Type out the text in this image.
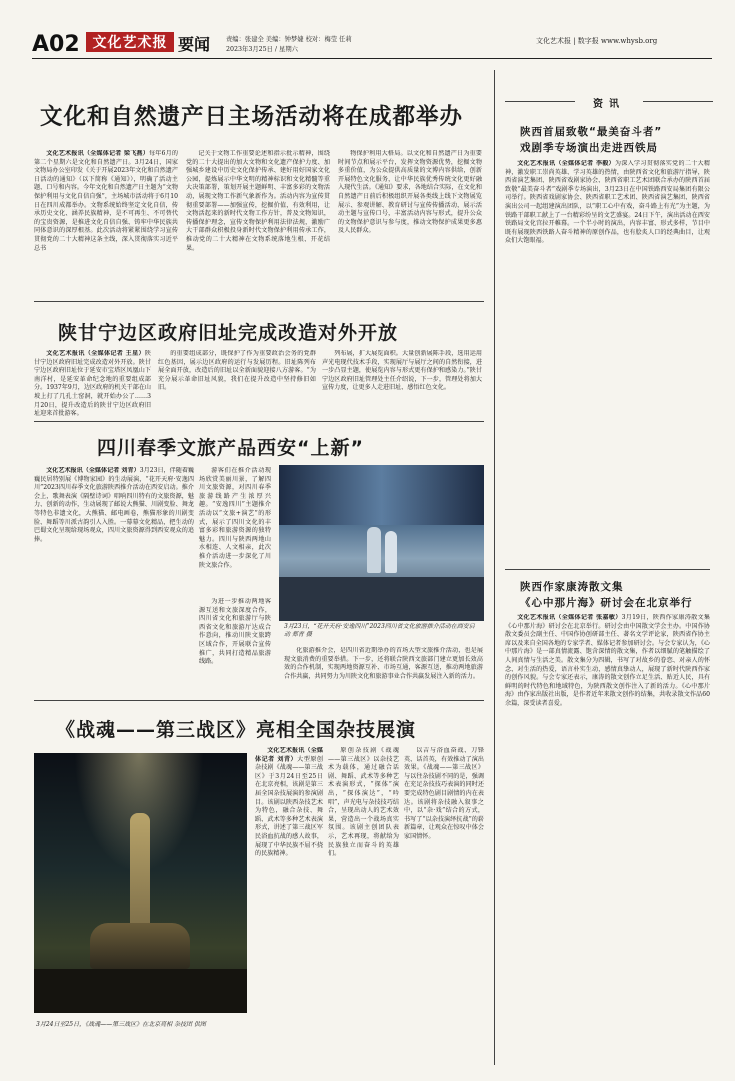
A02 文化艺术报 要闻	责编：张建全 美编：钟梦婕 校对：梅莹 任莉
2023年3月25日 / 星期六
文化艺术报 | 数字报 www.whysb.org
文化和自然遗产日主场活动将在成都举办

文化艺术报讯（全媒体记者 梁飞燕）每年6月的第二个星期六是文化和自然遗产日。3月24日，国家文物局办公室印发《关于开展2023年文化和自然遗产日活动的通知》（以下简称《通知》），明确了活动主题、口号和内容。今年文化和自然遗产日主题为“文物保护利用与文化自信自强”，主场城市活动将于6月10日在四川成都举办。文物系统始终坚定文化自信，传承历史文化、涵养民族精神，是不可再生、不可替代的宝贵资源，是推进文化自信自强、铸牢中华民族共同体意识的深厚根基。此次活动将紧紧围绕学习宣传贯彻党的二十大精神这条主线，深入贯彻落实习近平总书

记关于文物工作重要论述和指示批示精神，围绕党的二十大提出的加大文物和文化遗产保护力度、加强城乡建设中历史文化保护传承、建好用好国家文化公园，提炼展示中华文明的精神标识和文化精髓等重大决策部署，策划开展主题鲜明、丰富多彩的文物活动，展现文物工作新气象新作为。活动内容为宣传贯彻重要部署——加强宣传，挖掘价值，有效利用，让文物活起来的新时代文物工作方针，普及文物知识，传播保护理念，宣传文物保护利用法律法规，激励广大干部群众积极投身新时代文物保护利用传承工作，推动党的二十大精神在文物系统落地生根、开花结果。

物保护利用大格局。以文化和自然遗产日为重要时间节点和展示平台，发挥文物资源优势，挖掘文物多重价值，为公众提供高质量的文博内容供给，创新开展特色文化服务，让中华民族优秀传统文化更好融入现代生活。《通知》要求，各地结合实际，在文化和自然遗产日前后积极组织开展各类线上线下文物展览展示、参观讲解、教育研讨与宣传传播活动，展示活动主题与宣传口号，丰富活动内容与形式，提升公众的文物保护意识与参与度，推动文物保护成果更多惠及人民群众。

陕甘宁边区政府旧址完成改造对外开放

文化艺术报讯（全媒体记者 王星）陕甘宁边区政府旧址完成改造对外开放。陕甘宁边区政府旧址位于延安市宝塔区凤凰山下南洋村，是延安革命纪念地的重要组成部分。1937年9月，边区政府的机关干部在山坡上打了几孔土窑洞，就开始办公了……3月20日，提升改造后的陕甘宁边区政府旧址迎来首批游客。

的重要组成部分，既保护了作为重要政治会务的党群红色基因，展示边区政府的运行与发展历程。旧址陈列布展全面开放，改造后的旧址以全新面貌迎接八方游客。“为充分展示革命旧址风貌，我们在提升改造中坚持修旧如旧。

列布展，扩大展览面积。大量创新展陈手段，选用运用声光电现代技术手段，实现展厅与展厅之间的自然衔接，进一步凸显主题，使展览内容与形式更有保护和感染力。”陕甘宁边区政府旧址管理处主任介绍说，下一步，管理处将加大宣传力度，让更多人走进旧址、感悟红色文化。

四川春季文旅产品西安“上新”

文化艺术报讯（全媒体记者 刘青）3月23日，伴随着巍巍民居特别展《博物家园》的生动展演，“花开天府·安逸四川”2023四川春季文化旅游陕西推介活动在西安启动。推介会上，歌舞表演《隔壁诗词》唱响四川特有的文旅资源，魅力、创新的动作，生动展现了邮说大熊猫、川剧变脸、舞龙等特色非遗文化，大熊猫、邮电画卷，熊猫形象的川剧变脸、舞蹈等川派古韵引人入胜。一幕幕文化精品，把生动的巴蜀文化呈现给现场观众，四川文旅资源得到西安观众的追捧。

游客们在推介活动现场欣赏美丽川景，了解四川文旅资源，对四川春季旅游线路产生浓厚兴趣。“安逸四川”主题推介活动以“文旅+演艺”的形式，展示了四川文化的丰富多彩和旅游资源的独特魅力。四川与陕西两地山水相连、人文相亲，此次推介活动进一步深化了川陕文旅合作。

为进一步推动两地客源互送和文旅深度合作，四川省文化和旅游厅与陕西省文化和旅游厅达成合作意向，推动川陕文旅跨区域合作，开展联合宣传推广，共同打造精品旅游线路。

3月23日，“花开天府·安逸四川”2023四川省文化旅游推介活动在西安启动 郑青 摄

化旅游推介会，是四川省近期举办的首场大型文旅推介活动，也是展现文旅消费的重要举措。下一步，还将联合陕西文旅部门建立更加长效高效的合作机制，实现两地资源互补、市场互通，客源互送，推动两地旅游合作共赢，共同努力为川陕文化和旅游事业合作共赢发展注入新的活力。

《战魂——第三战区》亮相全国杂技展演

文化艺术报讯（全媒体记者 刘青）大型原创杂技剧《战魂——第三战区》于3月24日至25日在北京亮相，该剧是第三届全国杂技展演的参演剧目。该剧以陕西杂技艺术为特色，融合杂技、舞蹈、武术等多种艺术表演形式，讲述了第三战区军民浴血抗战的感人故事，展现了中华民族不屈不挠的民族精神。

原创杂技剧《战魂——第三战区》以杂技艺术为载体，通过融合话剧、舞蹈、武术等多种艺术表演形式，“探体”演出，“探体演达”，“吟唱”，声光电与杂技技巧结合，呈现出动人的艺术效果，营造出一个战场真实氛围。该剧主创团队表示，艺术再现，将献给为民族独立而奋斗的英雄们。

以吉与浴血奋战、刀锋英、话首英，有效推动了演出效果。《战魂——第三战区》与以往杂技剧不同的是，强调在充足杂技技巧表演的同时还要完成特色剧目剧情的内在表达。该剧将杂技融入叙事之中，以“杂·戏”结合的方式，书写了“以杂技演绎抗战”的崭新篇章，让观众在惊叹中体会家国情怀。

3月24日至25日，《战魂——第三战区》在北京亮相 杂技团 供图
资讯
陕西首届致敬“最美奋斗者”
戏剧季专场演出走进西铁局

文化艺术报讯（全媒体记者 李毅）为深入学习贯彻落实党的二十大精神，激发职工崇尚英雄、学习英雄的热情，由陕西省文化和旅游厅指导，陕西省演艺集团、陕西省戏剧家协会、陕西省职工艺术团联合承办的陕西首届致敬“最美奋斗者”戏剧季专场演出，3月23日在中国铁路西安局集团有限公司举行。陕西省戏剧家协会、陕西省职工艺术团、陕西省演艺集团、陕西省演出公司一起组建演出团队，以“职工心中有戏，奋斗路上有光”为主题，为铁路干部职工献上了一台精彩纷呈的文艺盛宴。24日下午，演出活动在西安铁路局文化宫拉开帷幕。一个半小时的演出，内容丰富、形式多样，节目中既有展现陕西铁路人奋斗精神的原创作品，也有脍炙人口的经典曲目，让观众们大饱眼福。

陕西作家康涛散文集
《心中那片海》研讨会在北京举行

文化艺术报讯（全媒体记者 张嘉敏）3月19日，陕西作家康涛散文集《心中那片海》研讨会在北京举行。研讨会由中国散文学会主办。中国作协散文委员会副主任、中国作协创研部主任、著名文学评论家，陕西省作协主席以及来自全国各地的专家学者、媒体记者参加研讨会。与会专家认为，《心中那片海》是一部真情流露、饱含深情的散文集，作者以细腻的笔触描绘了人间真情与生活之美。散文集分为四辑，书写了对故乡的眷恋、对亲人的怀念、对生活的热爱，语言朴实生动，感情真挚动人，展现了新时代陕西作家的创作风貌。与会专家还表示，康涛的散文创作立足生活、贴近人民，具有鲜明的时代特色和地域特色，为陕西散文创作注入了新的活力。《心中那片海》由作家出版社出版，是作者近年来散文创作的结集，共收录散文作品60余篇，深受读者喜爱。
